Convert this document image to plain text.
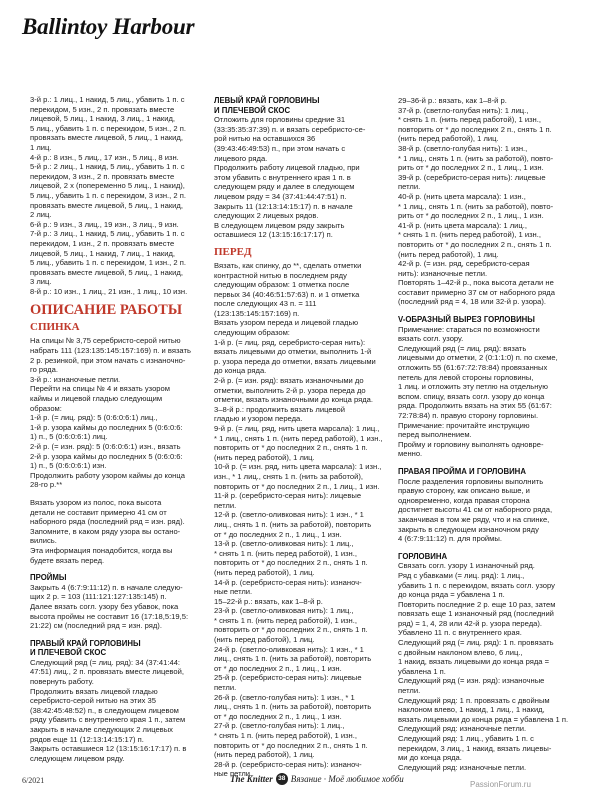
Ballintoy Harbour

3-й р.: 1 лиц., 1 накид, 5 лиц., убавить 1 п. с
перекидом, 5 изн., 2 п. провязать вместе
лицевой, 5 лиц., 1 накид, 3 лиц., 1 накид,
5 лиц., убавить 1 п. с перекидом, 5 изн., 2 п.
провязать вместе лицевой, 5 лиц., 1 накид,
1 лиц.
4-й р.: 8 изн., 5 лиц., 17 изн., 5 лиц., 8 изн.
5-й р.: 2 лиц., 1 накид, 5 лиц., убавить 1 п. с
перекидом, 3 изн., 2 п. провязать вместе
лицевой, 2 х (попеременно 5 лиц., 1 накид),
5 лиц., убавить 1 п. с перекидом, 3 изн., 2 п.
провязать вместе лицевой, 5 лиц., 1 накид,
2 лиц.
6-й р.: 9 изн., 3 лиц., 19 изн., 3 лиц., 9 изн.
7-й р.: 3 лиц., 1 накид, 5 лиц., убавить 1 п. с
перекидом, 1 изн., 2 п. провязать вместе
лицевой, 5 лиц., 1 накид, 7 лиц., 1 накид,
5 лиц., убавить 1 п. с перекидом, 1 изн., 2 п.
провязать вместе лицевой, 5 лиц., 1 накид,
3 лиц.
8-й р.: 10 изн., 1 лиц., 21 изн., 1 лиц., 10 изн.

ОПИСАНИЕ РАБОТЫ
СПИНКА

На спицы № 3,75 серебристо-серой нитью
набрать 111 (123:135:145:157:169) п. и вязать
2 р. резинкой, при этом начать с изнаночно-
го ряда.
3-й р.: изнаночные петли.
Перейти на спицы № 4 и вязать узором
каймы и лицевой гладью следующим
образом:
1-й р. (= лиц. ряд): 5 (0:6:0:6:1) лиц.,
1-й р. узора каймы до последних 5 (0:6:0:6:
1) п., 5 (0:6:0:6:1) лиц.
2-й р. (= изн. ряд): 5 (0:6:0:6:1) изн., вязать
2-й р. узора каймы до последних 5 (0:6:0:6:
1) п., 5 (0:6:0:6:1) изн.
Продолжить работу узором каймы до конца
28-го р.**

Вязать узором из полос, пока высота
детали не составит примерно 41 см от
наборного ряда (последний ряд = изн. ряд).
Запомните, в каком ряду узора вы остано-
вились.
Эта информация понадобится, когда вы
будете вязать перед.

ПРОЙМЫ

Закрыть 4 (6:7:9:11:12) п. в начале следую-
щих 2 р. = 103 (111:121:127:135:145) п.
Далее вязать согл. узору без убавок, пока
высота проймы не составит 16 (17:18,5:19,5:
21:22) см (последний ряд = изн. ряд).

ПРАВЫЙ КРАЙ ГОРЛОВИНЫ
И ПЛЕЧЕВОЙ СКОС

Следующий ряд (= лиц. ряд): 34 (37:41:44:
47:51) лиц., 2 п. провязать вместе лицевой,
повернуть работу.
Продолжить вязать лицевой гладью
серебристо-серой нитью на этих 35
(38:42:45:48:52) п., в следующем лицевом
ряду убавить с внутреннего края 1 п., затем
закрыть в начале следующих 2 лицевых
рядов еще 11 (12:13:14:15:17) п.
Закрыть оставшиеся 12 (13:15:16:17:17) п. в
следующем лицевом ряду.

ЛЕВЫЙ КРАЙ ГОРЛОВИНЫ
И ПЛЕЧЕВОЙ СКОС

Отложить для горловины средние 31
(33:35:35:37:39) п. и вязать серебристо-се-
рой нитью на оставшихся 36
(39:43:46:49:53) п., при этом начать с
лицевого ряда.
Продолжить работу лицевой гладью, при
этом убавить с внутреннего края 1 п. в
следующем ряду и далее в следующем
лицевом ряду = 34 (37:41:44:47:51) п.
Закрыть 11 (12:13:14:15:17) п. в начале
следующих 2 лицевых рядов.
В следующем лицевом ряду закрыть
оставшиеся 12 (13:15:16:17:17) п.

ПЕРЕД

Вязать, как спинку, до **, сделать отметки
контрастной нитью в последнем ряду
следующим образом: 1 отметка после
первых 34 (40:46:51:57:63) п. и 1 отметка
после следующих 43 п. = 111
(123:135:145:157:169) п.
Вязать узором переда и лицевой гладью
следующим образом:
1-й р. (= лиц. ряд, серебристо-серая нить):
вязать лицевыми до отметки, выполнить 1-й
р. узора переда до отметки, вязать лицевыми
до конца ряда.
2-й р. (= изн. ряд): вязать изнаночными до
отметки, выполнить 2-й р. узора переда до
отметки, вязать изнаночными до конца ряда.
3–8-й р.: продолжить вязать лицевой
гладью и узором переда.
9-й р. (= лиц. ряд, нить цвета марсала): 1 лиц.,
* 1 лиц., снять 1 п. (нить перед работой), 1 изн.,
повторить от * до последних 2 п., снять 1 п.
(нить перед работой), 1 лиц.
10-й р. (= изн. ряд, нить цвета марсала): 1 изн.,
изн., * 1 лиц., снять 1 п. (нить за работой),
повторить от * до последних 2 п., 1 лиц., 1 изн.
11-й р. (серебристо-серая нить): лицевые
петли.
12-й р. (светло-оливковая нить): 1 изн., * 1
лиц., снять 1 п. (нить за работой), повторить
от * до последних 2 п., 1 лиц., 1 изн.
13-й р. (светло-оливковая нить): 1 лиц.,
* снять 1 п. (нить перед работой), 1 изн.,
повторить от * до последних 2 п., снять 1 п.
(нить перед работой), 1 лиц.
14-й р. (серебристо-серая нить): изнаноч-
ные петли.
15–22-й р.: вязать, как 1–8-й р.
23-й р. (светло-оливковая нить): 1 лиц.,
* снять 1 п. (нить перед работой), 1 изн.,
повторить от * до последних 2 п., снять 1 п.
(нить перед работой), 1 лиц.
24-й р. (светло-оливковая нить): 1 изн., * 1
лиц., снять 1 п. (нить за работой), повторить
от * до последних 2 п., 1 лиц., 1 изн.
25-й р. (серебристо-серая нить): лицевые
петли.
26-й р. (светло-голубая нить): 1 изн., * 1
лиц., снять 1 п. (нить за работой), повторить
от * до последних 2 п., 1 лиц., 1 изн.
27-й р. (светло-голубая нить): 1 лиц.,
* снять 1 п. (нить перед работой), 1 изн.,
повторить от * до последних 2 п., снять 1 п.
(нить перед работой), 1 лиц.
28-й р. (серебристо-серая нить): изнаноч-
ные петли.

29–36-й р.: вязать, как 1–8-й р.
37-й р. (светло-голубая нить): 1 лиц.,
* снять 1 п. (нить перед работой), 1 изн.,
повторить от * до последних 2 п., снять 1 п.
(нить перед работой), 1 лиц.
38-й р. (светло-голубая нить): 1 изн.,
* 1 лиц., снять 1 п. (нить за работой), повто-
рить от * до последних 2 п., 1 лиц., 1 изн.
39-й р. (серебристо-серая нить): лицевые
петли.
40-й р. (нить цвета марсала): 1 изн.,
* 1 лиц., снять 1 п. (нить за работой), повто-
рить от * до последних 2 п., 1 лиц., 1 изн.
41-й р. (нить цвета марсала): 1 лиц.,
* снять 1 п. (нить перед работой), 1 изн.,
повторить от * до последних 2 п., снять 1 п.
(нить перед работой), 1 лиц.
42-й р. (= изн. ряд, серебристо-серая
нить): изнаночные петли.
Повторять 1–42-й р., пока высота детали не
составит примерно 37 см от наборного ряда
(последний ряд = 4, 18 или 32-й р. узора).

V-ОБРАЗНЫЙ ВЫРЕЗ ГОРЛОВИНЫ

Примечание: стараться по возможности
вязать согл. узору.
Следующий ряд (= лиц. ряд): вязать
лицевыми до отметки, 2 (0:1:1:0) п. по схеме,
отложить 55 (61:67:72:78:84) провязанных
петель для левой стороны горловины,
1 лиц. и отложить эту петлю на отдельную
вспом. спицу, вязать согл. узору до конца
ряда. Продолжить вязать на этих 55 (61:67:
72:78:84) п. правую сторону горловины.
Примечание: прочитайте инструкцию
перед выполнением.
Пройму и горловину выполнять одновре-
менно.

ПРАВАЯ ПРОЙМА И ГОРЛОВИНА

После разделения горловины выполнить
правую сторону, как описано выше, и
одновременно, когда правая сторона
достигнет высоты 41 см от наборного ряда,
заканчивая в том же ряду, что и на спинке,
закрыть в следующем изнаночном ряду
4 (6:7:9:11:12) п. для проймы.

ГОРЛОВИНА

Связать согл. узору 1 изнаночный ряд.
Ряд с убавками (= лиц. ряд): 1 лиц.,
убавить 1 п. с перекидом, вязать согл. узору
до конца ряда = убавлена 1 п.
Повторить последние 2 р. еще 10 раз, затем
повязать еще 1 изнаночный ряд (последний
ряд) = 1, 4, 28 или 42-й р. узора переда).
Убавлено 11 п. с внутреннего края.
Следующий ряд (= лиц. ряд): 1 п. провязать
с двойным наклоном влево, 6 лиц.,
1 накид, вязать лицевыми до конца ряда =
убавлена 1 п.
Следующий ряд (= изн. ряд): изнаночные
петли.
Следующий ряд: 1 п. провязать с двойным
наклоном влево, 1 накид, 1 лиц., 1 накид,
вязать лицевыми до конца ряда = убавлена 1 п.
Следующий ряд: изнаночные петли.
Следующий ряд: 1 лиц., убавить 1 п. с
перекидом, 3 лиц., 1 накид, вязать лицевы-
ми до конца ряда.
Следующий ряд: изнаночные петли.

6/2021	The Knitter 38 Вязание · Моё любимое хобби
PassionForum.ru
